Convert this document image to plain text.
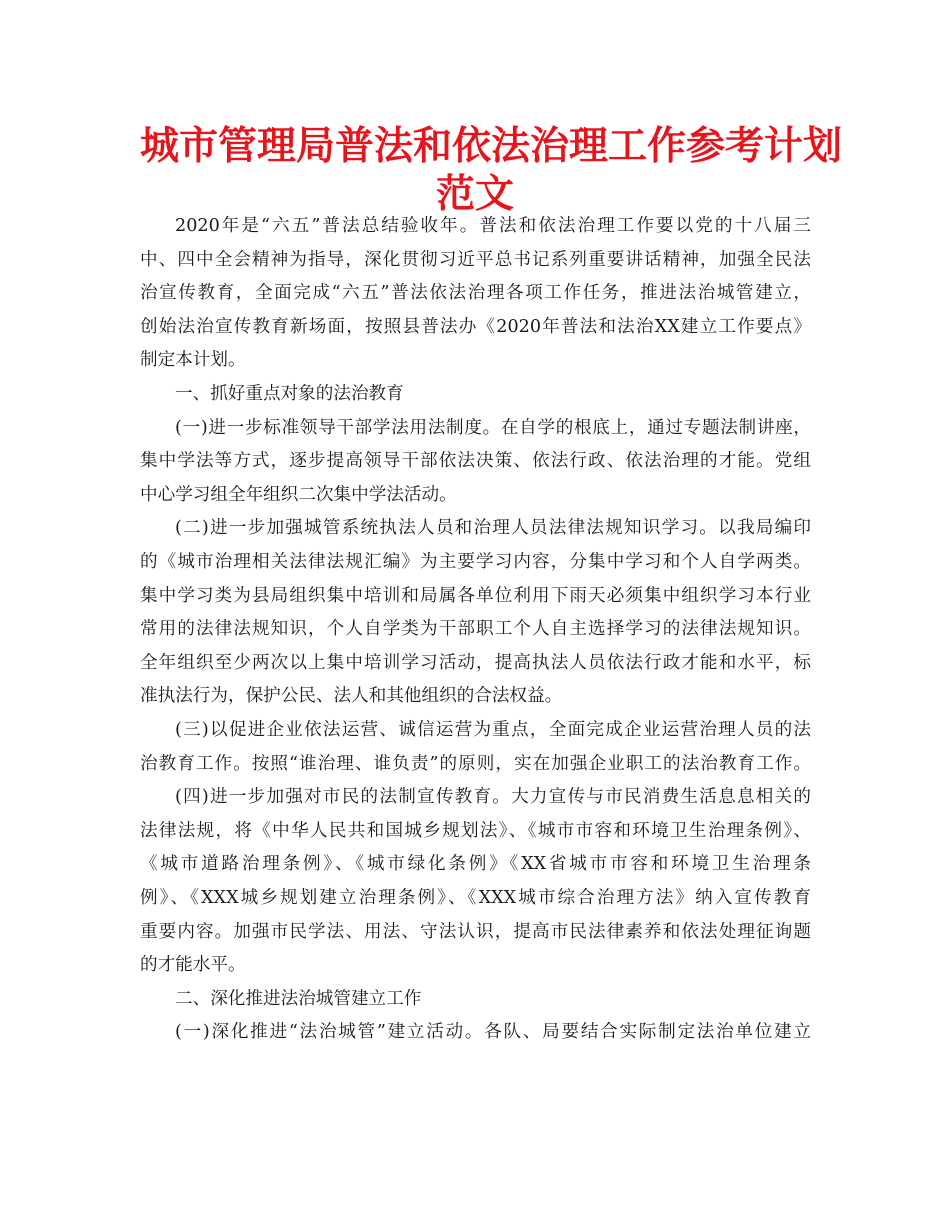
城市管理局普法和依法治理工作参考计划
范文
2020年是“六五”普法总结验收年。普法和依法治理工作要以党的十八届三
中、四中全会精神为指导，深化贯彻习近平总书记系列重要讲话精神，加强全民法
治宣传教育，全面完成“六五”普法依法治理各项工作任务，推进法治城管建立，
创始法治宣传教育新场面，按照县普法办《2020年普法和法治XX建立工作要点》
制定本计划。
一、抓好重点对象的法治教育
(一)进一步标准领导干部学法用法制度。在自学的根底上，通过专题法制讲座，
集中学法等方式，逐步提高领导干部依法决策、依法行政、依法治理的才能。党组
中心学习组全年组织二次集中学法活动。
(二)进一步加强城管系统执法人员和治理人员法律法规知识学习。以我局编印
的《城市治理相关法律法规汇编》为主要学习内容，分集中学习和个人自学两类。
集中学习类为县局组织集中培训和局属各单位利用下雨天必须集中组织学习本行业
常用的法律法规知识，个人自学类为干部职工个人自主选择学习的法律法规知识。
全年组织至少两次以上集中培训学习活动，提高执法人员依法行政才能和水平，标
准执法行为，保护公民、法人和其他组织的合法权益。
(三)以促进企业依法运营、诚信运营为重点，全面完成企业运营治理人员的法
治教育工作。按照“谁治理、谁负责”的原则，实在加强企业职工的法治教育工作。
(四)进一步加强对市民的法制宣传教育。大力宣传与市民消费生活息息相关的
法律法规，将《中华人民共和国城乡规划法》、《城市市容和环境卫生治理条例》、
《城市道路治理条例》、《城市绿化条例》《XX省城市市容和环境卫生治理条
例》、《XXX城乡规划建立治理条例》、《XXX城市综合治理方法》纳入宣传教育
重要内容。加强市民学法、用法、守法认识，提高市民法律素养和依法处理征询题
的才能水平。
二、深化推进法治城管建立工作
(一)深化推进“法治城管”建立活动。各队、局要结合实际制定法治单位建立
